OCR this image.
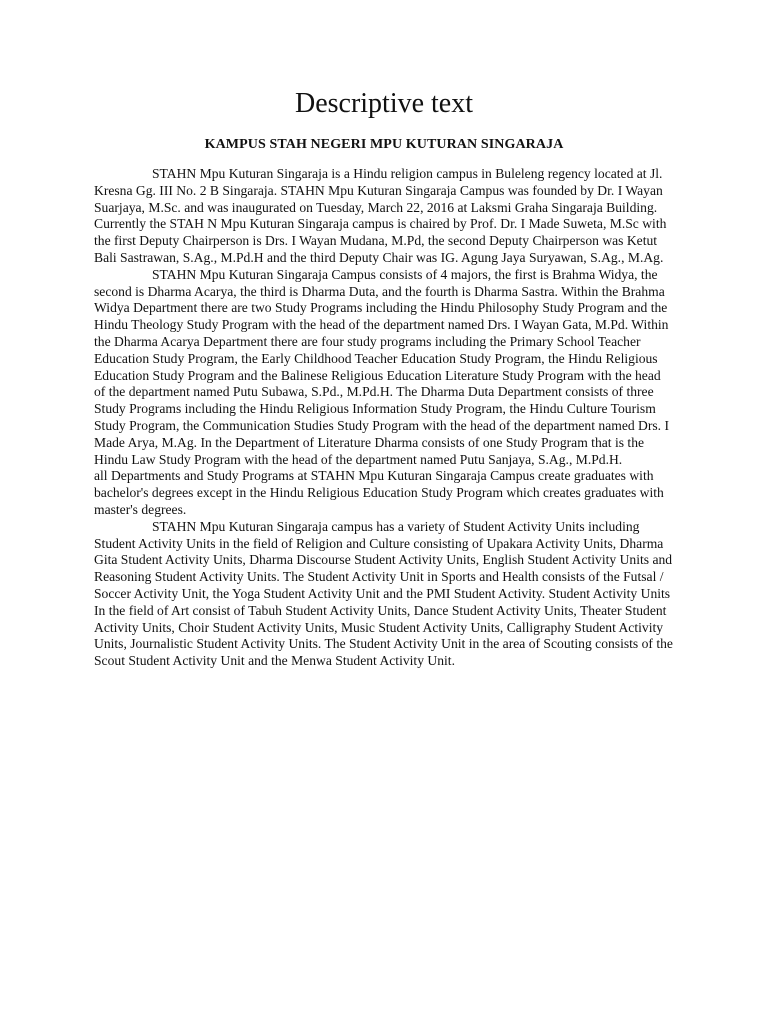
Descriptive text
KAMPUS STAH NEGERI MPU KUTURAN SINGARAJA

STAHN Mpu Kuturan Singaraja is a Hindu religion campus in Buleleng regency located at Jl. Kresna Gg. III No. 2 B Singaraja. STAHN Mpu Kuturan Singaraja Campus was founded by Dr. I Wayan Suarjaya, M.Sc. and was inaugurated on Tuesday, March 22, 2016 at Laksmi Graha Singaraja Building. Currently the STAH N Mpu Kuturan Singaraja campus is chaired by Prof. Dr. I Made Suweta, M.Sc with the first Deputy Chairperson is Drs. I Wayan Mudana, M.Pd, the second Deputy Chairperson was Ketut Bali Sastrawan, S.Ag., M.Pd.H and the third Deputy Chair was IG. Agung Jaya Suryawan, S.Ag., M.Ag.

STAHN Mpu Kuturan Singaraja Campus consists of 4 majors, the first is Brahma Widya, the second is Dharma Acarya, the third is Dharma Duta, and the fourth is Dharma Sastra. Within the Brahma Widya Department there are two Study Programs including the Hindu Philosophy Study Program and the Hindu Theology Study Program with the head of the department named Drs. I Wayan Gata, M.Pd. Within the Dharma Acarya Department there are four study programs including the Primary School Teacher Education Study Program, the Early Childhood Teacher Education Study Program, the Hindu Religious Education Study Program and the Balinese Religious Education Literature Study Program with the head of the department named Putu Subawa, S.Pd., M.Pd.H. The Dharma Duta Department consists of three Study Programs including the Hindu Religious Information Study Program, the Hindu Culture Tourism Study Program, the Communication Studies Study Program with the head of the department named Drs. I Made Arya, M.Ag. In the Department of Literature Dharma consists of one Study Program that is the Hindu Law Study Program with the head of the department named Putu Sanjaya, S.Ag., M.Pd.H.

all Departments and Study Programs at STAHN Mpu Kuturan Singaraja Campus create graduates with bachelor's degrees except in the Hindu Religious Education Study Program which creates graduates with master's degrees.

STAHN Mpu Kuturan Singaraja campus has a variety of Student Activity Units including Student Activity Units in the field of Religion and Culture consisting of Upakara Activity Units, Dharma Gita Student Activity Units, Dharma Discourse Student Activity Units, English Student Activity Units and Reasoning Student Activity Units. The Student Activity Unit in Sports and Health consists of the Futsal / Soccer Activity Unit, the Yoga Student Activity Unit and the PMI Student Activity. Student Activity Units In the field of Art consist of Tabuh Student Activity Units, Dance Student Activity Units, Theater Student Activity Units, Choir Student Activity Units, Music Student Activity Units, Calligraphy Student Activity Units, Journalistic Student Activity Units. The Student Activity Unit in the area of Scouting consists of the Scout Student Activity Unit and the Menwa Student Activity Unit.
